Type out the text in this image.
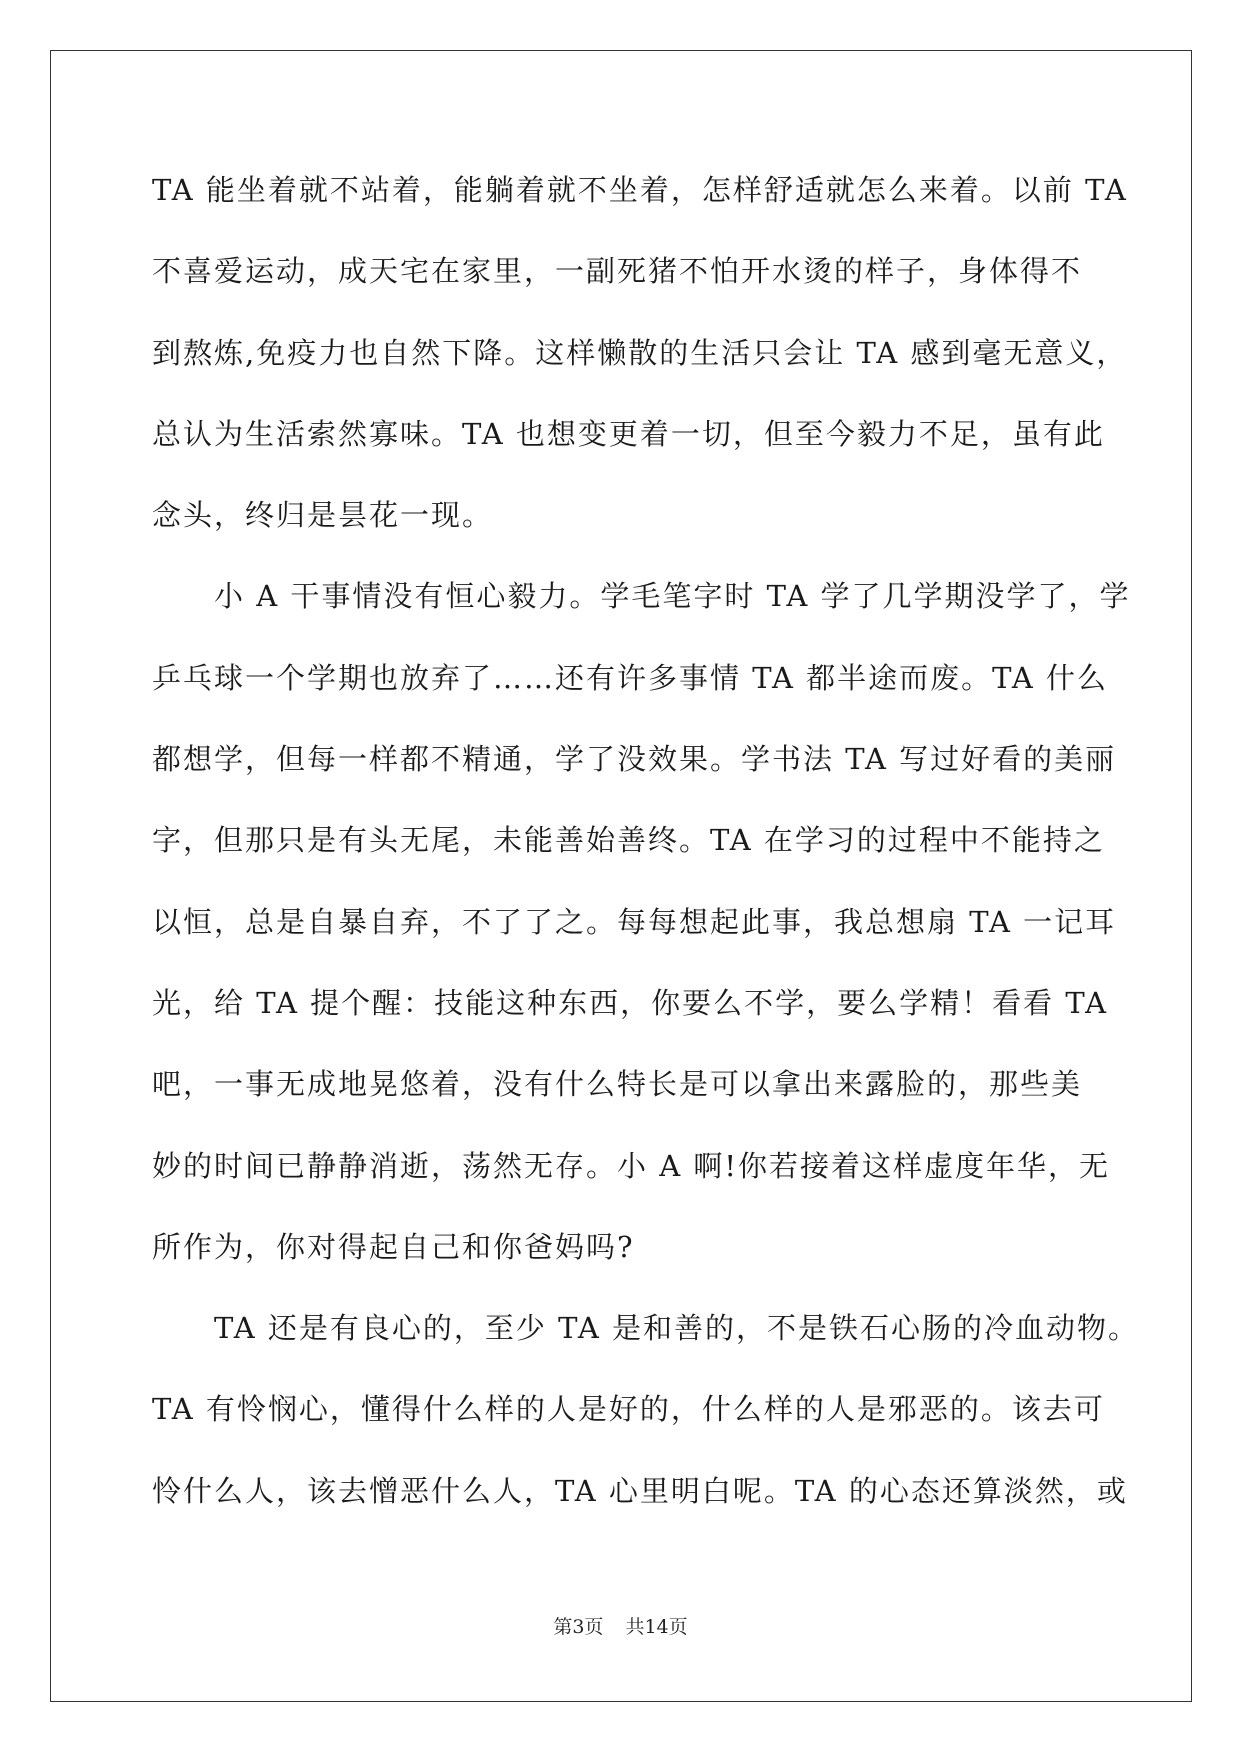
TA 能坐着就不站着，能躺着就不坐着，怎样舒适就怎么来着。以前 TA
不喜爱运动，成天宅在家里，一副死猪不怕开水烫的样子，身体得不
到熬炼,免疫力也自然下降。这样懒散的生活只会让 TA 感到毫无意义，
总认为生活索然寡味。TA 也想变更着一切，但至今毅力不足，虽有此
念头，终归是昙花一现。
　　小 A 干事情没有恒心毅力。学毛笔字时 TA 学了几学期没学了，学
乒乓球一个学期也放弃了……还有许多事情 TA 都半途而废。TA 什么
都想学，但每一样都不精通，学了没效果。学书法 TA 写过好看的美丽
字，但那只是有头无尾，未能善始善终。TA 在学习的过程中不能持之
以恒，总是自暴自弃，不了了之。每每想起此事，我总想扇 TA 一记耳
光，给 TA 提个醒：技能这种东西，你要么不学，要么学精！看看 TA
吧，一事无成地晃悠着，没有什么特长是可以拿出来露脸的，那些美
妙的时间已静静消逝，荡然无存。小 A 啊!你若接着这样虚度年华，无
所作为，你对得起自己和你爸妈吗?
　　TA 还是有良心的，至少 TA 是和善的，不是铁石心肠的冷血动物。
TA 有怜悯心，懂得什么样的人是好的，什么样的人是邪恶的。该去可
怜什么人，该去憎恶什么人，TA 心里明白呢。TA 的心态还算淡然，或
第3页 共14页
